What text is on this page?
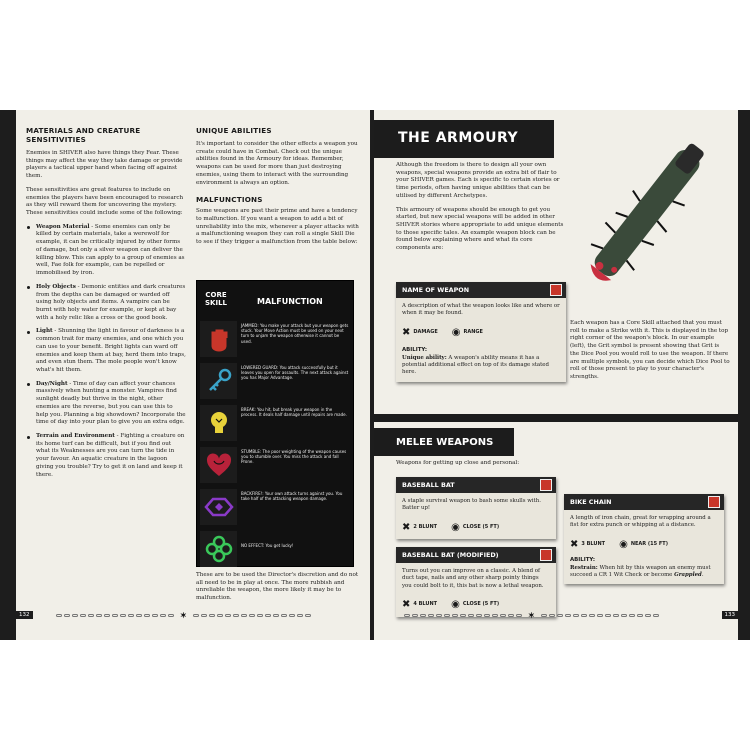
MATERIALS AND CREATURE SENSITIVITIES

Enemies in SHIVER also have things they Fear. These things may affect the way they take damage or provide players a tactical upper hand when facing off against them.

These sensitivities are great features to include on enemies the players have been encouraged to research as they will reward them for uncovering the mystery. These sensitivities could include some of the following:

Weapon Material - Some enemies can only be killed by certain materials, take a werewolf for example, it can be critically injured by other forms of damage, but only a silver weapon can deliver the killing blow. This can apply to a group of enemies as well, Fae folk for example, can be repelled or immobilised by iron.
Holy Objects - Demonic entities and dark creatures from the depths can be damaged or warded off using holy objects and items. A vampire can be burnt with holy water for example, or kept at bay with a holy relic like a cross or the good book.
Light - Shunning the light in favour of darkness is a common trait for many enemies, and one which you can use to your benefit. Bright lights can ward off enemies and keep them at bay, herd them into traps, and even stun them. The mole people won't know what's hit them.
Day/Night - Time of day can affect your chances massively when hunting a monster. Vampires find sunlight deadly but thrive in the night, other enemies are the reverse, but you can use this to help you. Planning a big showdown? Incorporate the time of day into your plan to give you an extra edge.
Terrain and Environment - Fighting a creature on its home turf can be difficult, but if you find out what its Weaknesses are you can turn the tide in your favour. An aquatic creature in the lagoon giving you trouble? Try to get it on land and keep it there.
UNIQUE ABILITIES

It's important to consider the other effects a weapon you create could have in Combat. Check out the unique abilities found in the Armoury for ideas. Remember, weapons can be used for more than just destroying enemies, using them to interact with the surrounding environment is always an option.

MALFUNCTIONS

Some weapons are past their prime and have a tendency to malfunction. If you want a weapon to add a bit of unreliability into the mix, whenever a player attacks with a malfunctioning weapon they can roll a single Skill Die to see if they trigger a malfunction from the table below:

CORE SKILL	MALFUNCTION
JAMMED: You make your attack but your weapon gets stuck. Your Move Action must be used on your next turn to unjam the weapon otherwise it cannot be used.
LOWERED GUARD: You attack successfully but it leaves you open for assaults. The next attack against you has Major Advantage.
BREAK: You hit, but break your weapon in the process. It deals half damage until repairs are made.
STUMBLE: The poor weighting of the weapon causes you to stumble over. You miss the attack and fall Prone.
BACKFIRE!: Your own attack turns against you. You take half of the attacking weapon damage.
NO EFFECT: You get lucky!
These are to be used the Director's discretion and do not all need to be in play at once. The more rubbish and unreliable the weapon, the more likely it may be to malfunction.
132	✶
THE ARMOURY

Although the freedom is there to design all your own weapons, special weapons provide an extra bit of flair to your SHIVER games. Each is specific to certain stories or time periods, often having unique abilities that can be utilised by different Archetypes.

This armoury of weapons should be enough to get you started, but new special weapons will be added in other SHIVER stories where appropriate to add unique elements to those specific tales. An example weapon block can be found below explaining where and what its core components are:

NAME OF WEAPON
A description of what the weapon looks like and where or when it may be found.
✖ DAMAGE ◉ RANGE
ABILITY:
Unique ability: A weapon's ability means it has a potential additional effect on top of its damage stated here.
Each weapon has a Core Skill attached that you must roll to make a Strike with it. This is displayed in the top right corner of the weapon's block. In our example (left), the Grit symbol is present showing that Grit is the Dice Pool you would roll to use the weapon. If there are multiple symbols, you can decide which Dice Pool to roll of those present to play to your character's strengths.
MELEE WEAPONS
Weapons for getting up close and personal:
BASEBALL BAT
A staple survival weapon to bash some skulls with. Batter up!
✖ 2 BLUNT ◉ CLOSE (5 FT)
BASEBALL BAT (MODIFIED)
Turns out you can improve on a classic. A blend of duct tape, nails and any other sharp pointy things you could bolt to it, this bat is now a lethal weapon.
✖ 4 BLUNT ◉ CLOSE (5 FT)
BIKE CHAIN
A length of iron chain, great for wrapping around a fist for extra punch or whipping at a distance.
✖ 3 BLUNT ◉ NEAR (15 FT)
ABILITY:
Restrain: When hit by this weapon an enemy must succeed a CR 1 Wit Check or become Grappled.
✶	133
